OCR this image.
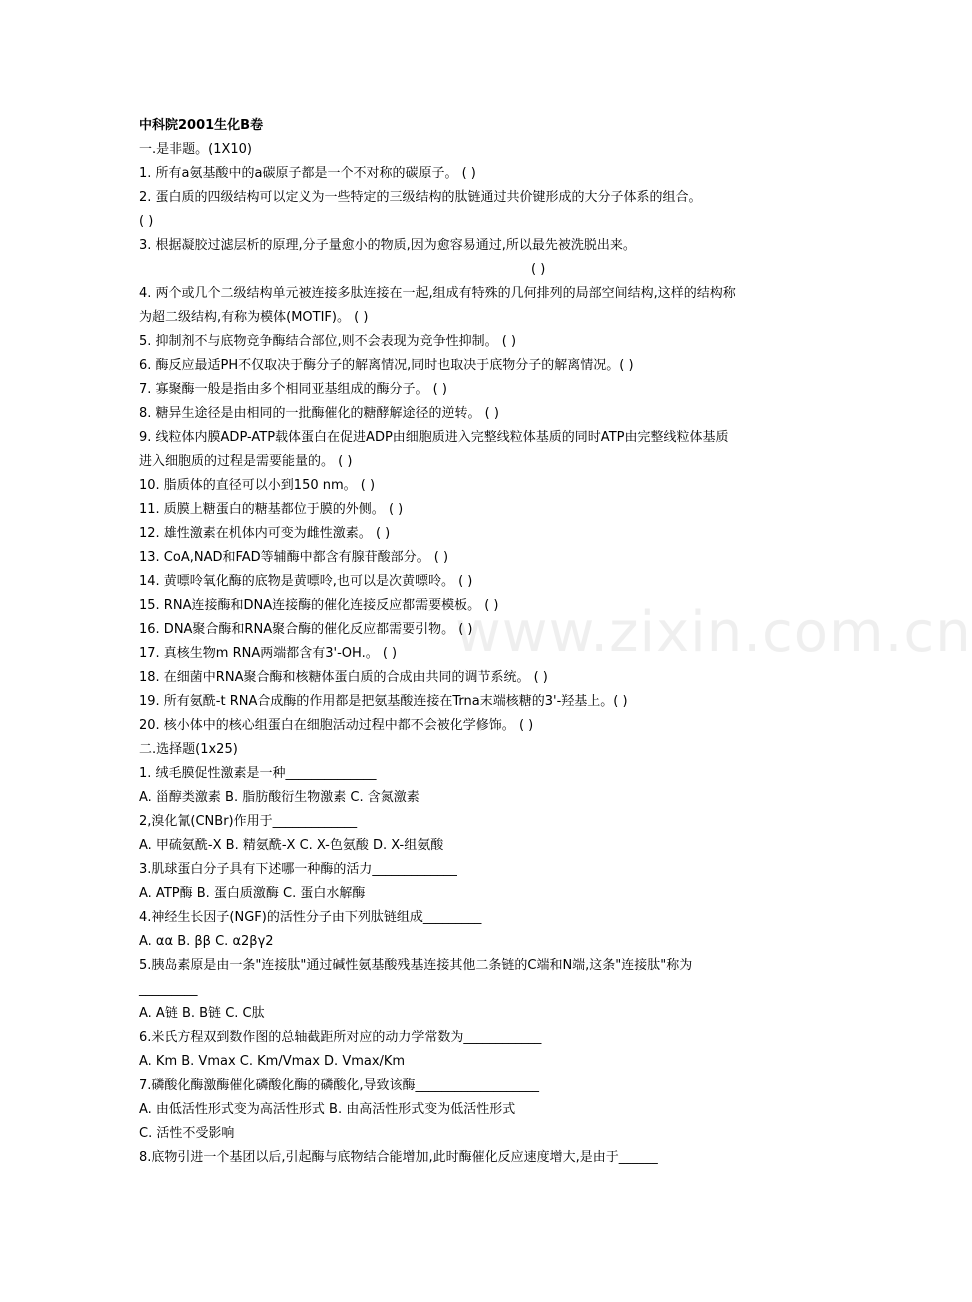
中科院2001生化B卷
一.是非题。(1X10)
1. 所有a氨基酸中的a碳原子都是一个不对称的碳原子。 ( )
2. 蛋白质的四级结构可以定义为一些特定的三级结构的肽链通过共价键形成的大分子体系的组合。
( )
3. 根据凝胶过滤层析的原理,分子量愈小的物质,因为愈容易通过,所以最先被洗脱出来。
( )
4. 两个或几个二级结构单元被连接多肽连接在一起,组成有特殊的几何排列的局部空间结构,这样的结构称
为超二级结构,有称为模体(MOTIF)。 ( )
5. 抑制剂不与底物竞争酶结合部位,则不会表现为竞争性抑制。 ( )
6. 酶反应最适PH不仅取决于酶分子的解离情况,同时也取决于底物分子的解离情况。( )
7. 寡聚酶一般是指由多个相同亚基组成的酶分子。 ( )
8. 糖异生途径是由相同的一批酶催化的糖酵解途径的逆转。 ( )
9. 线粒体内膜ADP-ATP载体蛋白在促进ADP由细胞质进入完整线粒体基质的同时ATP由完整线粒体基质
进入细胞质的过程是需要能量的。 ( )
10. 脂质体的直径可以小到150 nm。 ( )
11. 质膜上糖蛋白的糖基都位于膜的外侧。 ( )
12. 雄性激素在机体内可变为雌性激素。 ( )
13. CoA,NAD和FAD等辅酶中都含有腺苷酸部分。 ( )
14. 黄嘌呤氧化酶的底物是黄嘌呤,也可以是次黄嘌呤。 ( )
15. RNA连接酶和DNA连接酶的催化连接反应都需要模板。 ( )
16. DNA聚合酶和RNA聚合酶的催化反应都需要引物。 ( )
17. 真核生物m RNA两端都含有3'-OH.。 ( )
18. 在细菌中RNA聚合酶和核糖体蛋白质的合成由共同的调节系统。 ( )
19. 所有氨酰-t RNA合成酶的作用都是把氨基酸连接在Trna末端核糖的3'-羟基上。( )
20. 核小体中的核心组蛋白在细胞活动过程中都不会被化学修饰。 ( )
二.选择题(1x25)
1. 绒毛膜促性激素是一种______________
A. 甾醇类激素 B. 脂肪酸衍生物激素 C. 含氮激素
2,溴化氰(CNBr)作用于_____________
A. 甲硫氨酰-X B. 精氨酰-X C. X-色氨酸 D. X-组氨酸
3.肌球蛋白分子具有下述哪一种酶的活力_____________
A. ATP酶 B. 蛋白质激酶 C. 蛋白水解酶
4.神经生长因子(NGF)的活性分子由下列肽链组成_________
A. αα B. ββ C. α2βγ2
5.胰岛素原是由一条"连接肽"通过碱性氨基酸残基连接其他二条链的C端和N端,这条"连接肽"称为
_________
A. A链 B. B链 C. C肽
6.米氏方程双到数作图的总轴截距所对应的动力学常数为____________
A. Km B. Vmax C. Km/Vmax D. Vmax/Km
7.磷酸化酶激酶催化磷酸化酶的磷酸化,导致该酶___________________
A. 由低活性形式变为高活性形式 B. 由高活性形式变为低活性形式
C. 活性不受影响
8.底物引进一个基团以后,引起酶与底物结合能增加,此时酶催化反应速度增大,是由于______
www.zixin.com.cn
